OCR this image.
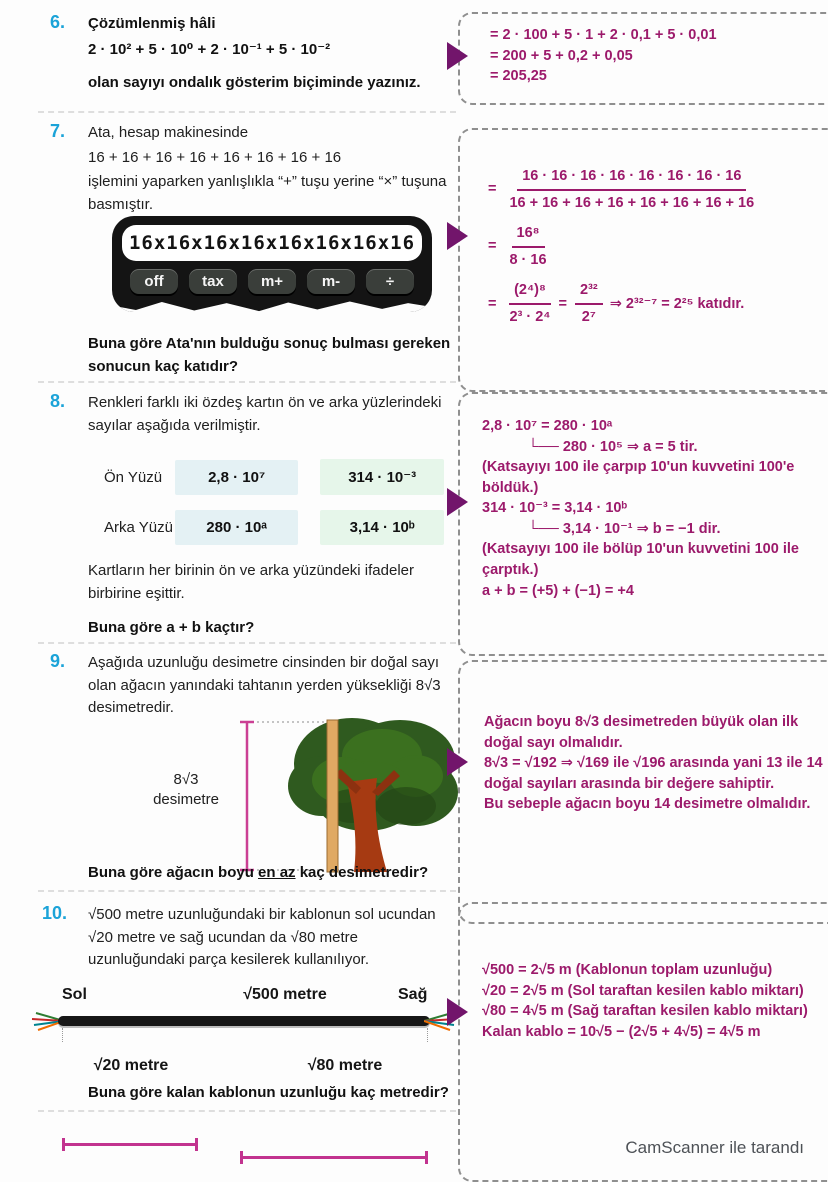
6. Çözümlenmiş hâli
2 · 10² + 5 · 10⁰ + 2 · 10⁻¹ + 5 · 10⁻²
olan sayıyı ondalık gösterim biçiminde yazınız.
7. Ata, hesap makinesinde
16 + 16 + 16 + 16 + 16 + 16 + 16 + 16
işlemini yaparken yanlışlıkla “+” tuşu yerine “×” tuşuna basmıştır.
16x16x16x16x16x16x16x16
off	tax	m+	m-	÷
Buna göre Ata'nın bulduğu sonuç bulması gereken sonucun kaç katıdır?
8. Renkleri farklı iki özdeş kartın ön ve arka yüzlerindeki sayılar aşağıda verilmiştir.
Ön Yüzü	2,8 · 10⁷	314 · 10⁻³
Arka Yüzü	280 · 10ᵃ	3,14 · 10ᵇ
Kartların her birinin ön ve arka yüzündeki ifadeler birbirine eşittir.
Buna göre a + b kaçtır?
9. Aşağıda uzunluğu desimetre cinsinden bir doğal sayı olan ağacın yanındaki tahtanın yerden yüksekliği 8√3 desimetredir.
8√3
desimetre
Buna göre ağacın boyu en az kaç desimetredir?
10. √500 metre uzunluğundaki bir kablonun sol ucundan √20 metre ve sağ ucundan da √80 metre uzunluğundaki parça kesilerek kullanılıyor.
Sol	√500 metre	Sağ
√20 metre	√80 metre
Buna göre kalan kablonun uzunluğu kaç metredir?
= 2 · 100 + 5 · 1 + 2 · 0,1 + 5 · 0,01
= 200 + 5 + 0,2 + 0,05
= 205,25
= $\frac{16 \cdot 16 \cdot 16 \cdot 16 \cdot 16 \cdot 16 \cdot 16 \cdot 16}{16 + 16 + 16 + 16 + 16 + 16 + 16 + 16}$
= $\frac{\text{16⁸}}{8 \cdot 16}$
= $\frac{\text{(2⁴)⁸}}{\text{2³ · 2⁴}} = \frac{\text{2³²}}{\text{2⁷}}$ ⇒ 2³²⁻⁷ = 2²⁵ katıdır.
2,8 · 10⁷ = 280 · 10ᵃ
└── 280 · 10⁵ ⇒ a = 5 tir.
(Katsayıyı 100 ile çarpıp 10'un kuvvetini 100'e böldük.)
314 · 10⁻³ = 3,14 · 10ᵇ
└── 3,14 · 10⁻¹ ⇒ b = −1 dir.
(Katsayıyı 100 ile bölüp 10'un kuvvetini 100 ile çarptık.)
a + b = (+5) + (−1) = +4
Ağacın boyu 8√3 desimetreden büyük olan ilk doğal sayı olmalıdır.
8√3 = √192 ⇒ √169 ile √196 arasında yani 13 ile 14 doğal sayıları arasında bir değere sahiptir.
Bu sebeple ağacın boyu 14 desimetre olmalıdır.
√500 = 2√5 m (Kablonun toplam uzunluğu)
√20 = 2√5 m (Sol taraftan kesilen kablo miktarı)
√80 = 4√5 m (Sağ taraftan kesilen kablo miktarı)
Kalan kablo = 10√5 − (2√5 + 4√5) = 4√5 m
CamScanner ile tarandı
